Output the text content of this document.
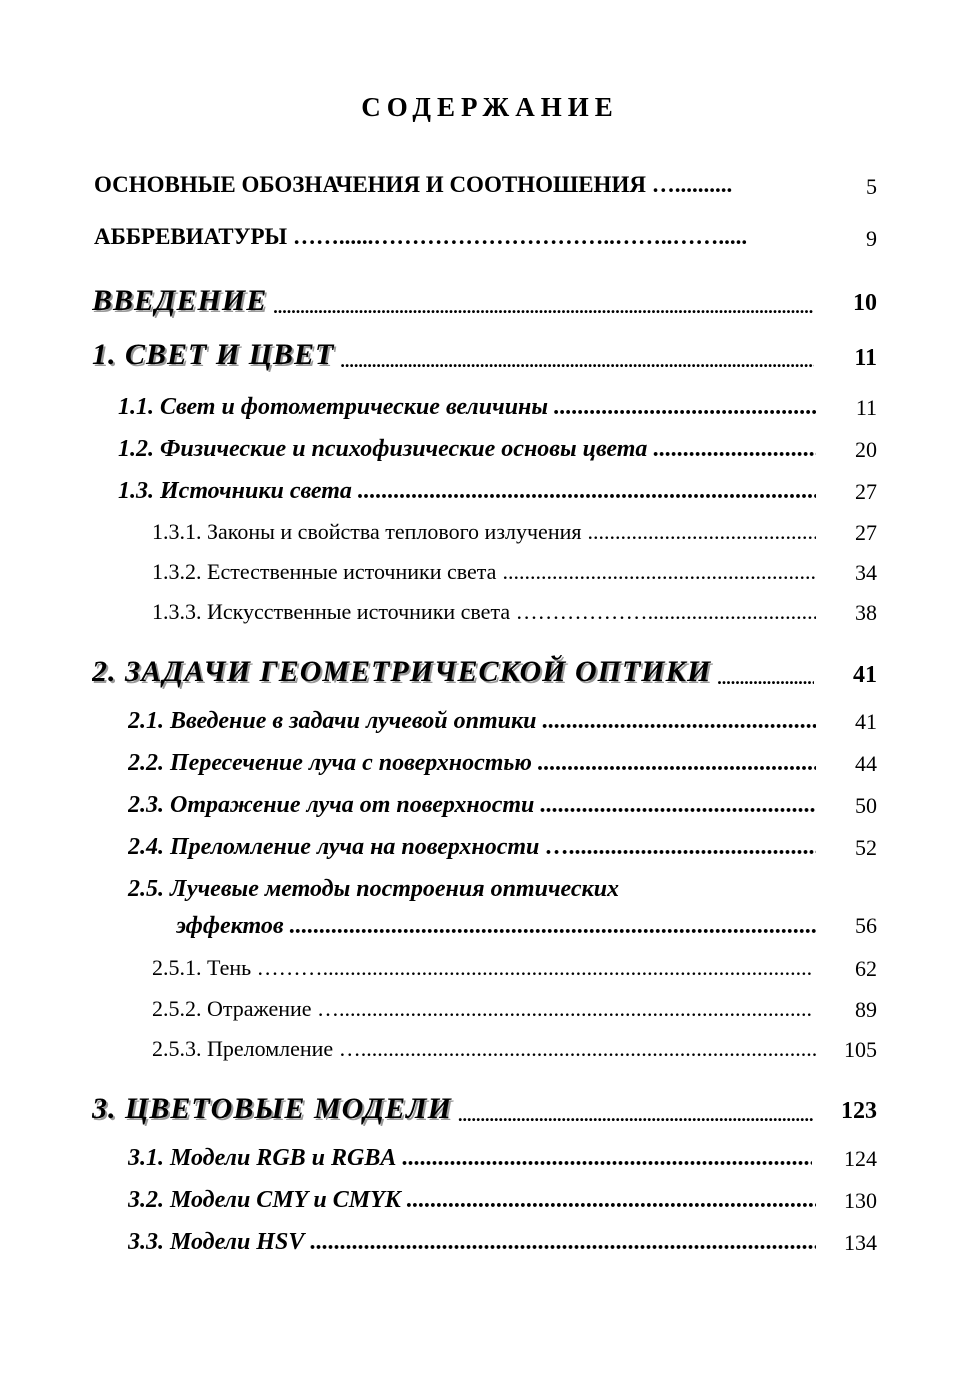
СОДЕРЖАНИЕ
ОСНОВНЫЕ ОБОЗНАЧЕНИЯ И СООТНОШЕНИЯ …..........	5
АББРЕВИАТУРЫ ……......…………………………..……..…….....	9
ВВЕДЕНИЕ .....	10
1. СВЕТ И ЦВЕТ .....	11
1.1. Свет и фотометрические величины .....	11
1.2. Физические и психофизические основы цвета .....	20
1.3. Источники света .....	27
1.3.1. Законы и свойства теплового излучения .....	27
1.3.2. Естественные источники света .....	34
1.3.3. Искусственные источники света ………………. .....	38
2. ЗАДАЧИ ГЕОМЕТРИЧЕСКОЙ ОПТИКИ .....	41
2.1. Введение в задачи лучевой оптики .....	41
2.2. Пересечение луча с поверхностью .....	44
2.3. Отражение луча от поверхности .....	50
2.4. Преломление луча на поверхности … .....	52
2.5. Лучевые методы построения оптических
эффектов .....	56
2.5.1. Тень ……… .....	62
2.5.2. Отражение … .....	89
2.5.3. Преломление … .....	105
3. ЦВЕТОВЫЕ МОДЕЛИ .....	123
3.1. Модели RGB и RGBA .....	124
3.2. Модели CMY и CMYK .....	130
3.3. Модели HSV .....	134
